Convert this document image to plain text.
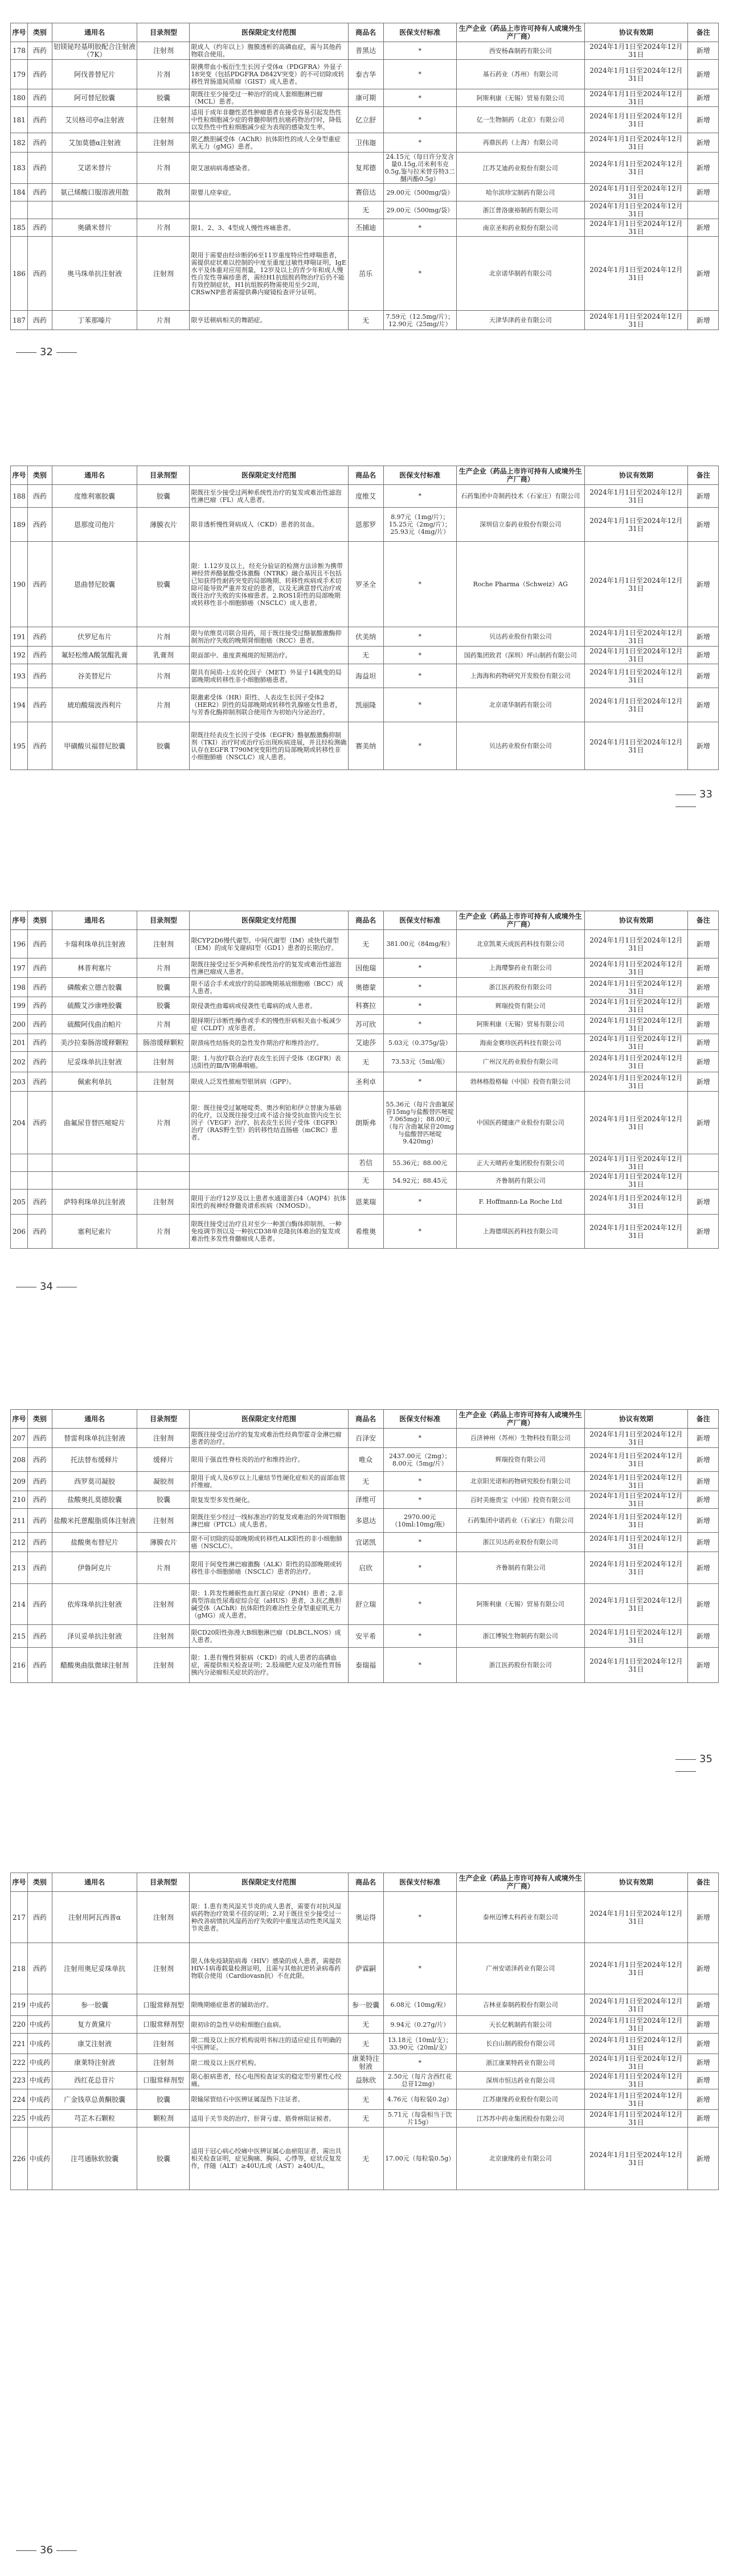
序号	类别	通用名	目录剂型	医保限定支付范围	商品名	医保支付标准	生产企业（药品上市许可持有人或境外生产厂商）	协议有效期	备注
178	西药	铝镁铋羟基明胶配合注射液（7K）	注射剂	限成人（约年以上）腹膜透析的高磷血症，需与其他药物联合使用。	普黑达	*	西安杨森制药有限公司	2024年1月1日至2024年12月31日	新增
179	西药	阿伐普替尼片	片剂	限携带血小板衍生生长因子受体α（PDGFRA）外显子18突变（包括PDGFRA D842V突变）的不可切除或转移性胃肠道间质瘤（GIST）成人患者。	泰吉华	*	基石药业（苏州）有限公司	2024年1月1日至2024年12月31日	新增
180	西药	阿可替尼胶囊	胶囊	限既往至少接受过一种治疗的成人套细胞淋巴瘤（MCL）患者。	康可期	*	阿斯利康（无锡）贸易有限公司	2024年1月1日至2024年12月31日	新增
181	西药	艾贝格司亭α注射液	注射剂	适用于成年非髓性恶性肿瘤患者在接受容易引起发热性中性粒细胞减少症的骨髓抑制性抗癌药物治疗时，降低以发热性中性粒细胞减少症为表现的感染发生率。	亿立舒	*	亿一生物制药（北京）有限公司	2024年1月1日至2024年12月31日	新增
182	西药	艾加莫德α注射液	注射剂	限乙酰胆碱受体（AChR）抗体阳性的成人全身型重症肌无力（gMG）患者。	卫伟迦	*	再鼎医药（上海）有限公司	2024年1月1日至2024年12月31日	新增
183	西药	艾诺米替片	片剂	限艾滋病病毒感染者。	复邦德	24.15元（每日许分发含量0.15g,司米利韦克0.5g,鉴与拉米替芬特3二醚丙酯0.5g）	江苏艾迪药业股份有限公司	2024年1月1日至2024年12月31日	新增
184	西药	氨己烯酸口服溶液用散	散剂	限婴儿痉挛症。	赛倍达	29.00元（500mg/袋）	哈尔滨珍宝制药有限公司	2024年1月1日至2024年12月31日	新增
					无	29.00元（500mg/袋）	浙江普洛康裕制药有限公司	2024年1月1日至2024年12月31日	
185	西药	奥磺米替片	片剂	限1、2、3、4型成人慢性疼痛患者。	丕捕迪	*	南京圣和药业股份有限公司	2024年1月1日至2024年12月31日	新增
186	西药	奥马珠单抗注射液	注射剂	限用于需要由经诊断的6至11岁重度特应性哮喘患者，需提供症状难以控制的中度至重度过敏性哮喘证明，IgE水平及体重对应用剂量，12岁及以上的青少年和成人慢性自发性荨麻疹患者，需经H1抗组胺药物治疗后仍不能有效控制症状，H1抗组胺药物需使用至少2周，CRSwNP患者需提供鼻内窥镜检查评分证明。	茁乐	*	北京诺华制药有限公司	2024年1月1日至2024年12月31日	新增
187	西药	丁苯那嗪片	片剂	限亨廷顿病相关的舞蹈症。	无	7.59元（12.5mg/片）；12.90元（25mg/片）	天津华津药业有限公司	2024年1月1日至2024年12月31日	新增
32
序号	类别	通用名	目录剂型	医保限定支付范围	商品名	医保支付标准	生产企业（药品上市许可持有人或境外生产厂商）	协议有效期	备注
188	西药	度维利塞胶囊	胶囊	限既往至少接受过两种系统性治疗的复发或难治性滤泡性淋巴瘤（FL）成人患者。	度维艾	*	石药集团中奇制药技术（石家庄）有限公司	2024年1月1日至2024年12月31日	新增
189	西药	恩那度司他片	薄膜衣片	限非透析慢性肾病成人（CKD）患者的贫血。	恩那罗	8.97元（1mg/片）；15.25元（2mg/片）；25.93元（4mg/片）	深圳信立泰药业股份有限公司	2024年1月1日至2024年12月31日	新增
190	西药	恩曲替尼胶囊	胶囊	限：1.12岁及以上，经充分验证的检测方法诊断为携带神经营养酪氨酸受体激酶（NTRK）融合基因且不包括已知获得性耐药突变的局部晚期、转移性疾病或手术切除可能导致严重并发症的患者，以及无满意替代治疗或既往治疗失败的实体瘤患者。2.ROS1阳性的局部晚期或转移性非小细胞肺癌（NSCLC）成人患者。	罗圣全	*	Roche Pharma（Schweiz）AG	2024年1月1日至2024年12月31日	新增
191	西药	伏罗尼布片	片剂	限与依维莫司联合用药，用于既往接受过酪氨酸激酶抑制剂治疗失败的晚期肾细胞癌（RCC）患者。	伏美纳	*	贝达药业股份有限公司	2024年1月1日至2024年12月31日	新增
192	西药	氟轻松维A酸氢醌乳膏	乳膏剂	限面部中、重度黄褐斑的短期治疗。	无	*	国药集团致君（深圳）坪山制药有限公司	2024年1月1日至2024年12月31日	新增
193	西药	谷美替尼片	片剂	限具有间质-上皮转化因子（MET）外显子14跳变的局部晚期或转移性非小细胞肺癌患者。	海益坦	*	上海海和药物研究开发股份有限公司	2024年1月1日至2024年12月31日	新增
194	西药	琥珀酸瑞波西利片	片剂	限激素受体（HR）阳性、人表皮生长因子受体2（HER2）阴性的局部晚期或转移性乳腺癌女性患者，与芳香化酶抑制剂联合使用作为初始内分泌治疗。	凯丽隆	*	北京诺华制药有限公司	2024年1月1日至2024年12月31日	新增
195	西药	甲磺酸贝福替尼胶囊	胶囊	限既往经表皮生长因子受体（EGFR）酪氨酸激酶抑制剂（TKI）治疗时或治疗后出现疾病进展，并且经检测确认存在EGFR T790M突变阳性的局部晚期或转移性非小细胞肺癌（NSCLC）成人患者。	赛美纳	*	贝达药业股份有限公司	2024年1月1日至2024年12月31日	新增
33
序号	类别	通用名	目录剂型	医保限定支付范围	商品名	医保支付标准	生产企业（药品上市许可持有人或境外生产厂商）	协议有效期	备注
196	西药	卡瑞利珠单抗注射液	注射剂	限CYP2D6慢代谢型、中间代谢型（IM）或快代谢型（EM）的成年戈谢病Ⅰ型（GD1）患者的长期治疗。	无	381.00元（84mg/粒）	北京凯莱天成医药科技有限公司	2024年1月1日至2024年12月31日	新增
197	西药	林普利塞片	片剂	限既往接受过至少两种系统性治疗的复发或难治性滤泡性淋巴瘤成人患者。	因他瑞	*	上海璎黎药业有限公司	2024年1月1日至2024年12月31日	新增
198	西药	磷酸索立德吉胶囊	胶囊	限不适合手术或放疗的局部晚期基底细胞癌（BCC）成人患者。	奥德蒙	*	浙江医药股份有限公司	2024年1月1日至2024年12月31日	新增
199	西药	硫酸艾沙康唑胶囊	胶囊	限侵袭性曲霉病或侵袭性毛霉病的成人患者。	科赛拉	*	辉瑞投资有限公司	2024年1月1日至2024年12月31日	新增
200	西药	硫酸阿伐曲泊帕片	片剂	限择期行诊断性操作或手术的慢性肝病相关血小板减少症（CLDT）成年患者。	苏可欣	*	阿斯利康（无锡）贸易有限公司	2024年1月1日至2024年12月31日	新增
201	西药	美沙拉秦肠溶缓释颗粒	肠溶缓释颗粒	限溃疡性结肠炎的急性发作期治疗和维持治疗。	艾迪莎	5.03元（0.375g/袋）	海南金赛珍医药科技有限公司	2024年1月1日至2024年12月31日	新增
202	西药	尼妥珠单抗注射液	注射剂	限：1.与放疗联合治疗表皮生长因子受体（EGFR）表达阳性的Ⅲ/Ⅳ期鼻咽癌。	无	73.53元（5ml/瓶）	广州汉光药业股份有限公司	2024年1月1日至2024年12月31日	新增
203	西药	佩索利单抗	注射剂	限成人泛发性脓疱型银屑病（GPP）。	圣利卓	*	勃林格殷格翰（中国）投资有限公司	2024年1月1日至2024年12月31日	新增
204	西药	曲氟尿苷替匹嘧啶片	片剂	限：既往接受过氟嘧啶类、奥沙利铂和伊立替康为基础的化疗，以及既往接受过或不适合接受抗血管内皮生长因子（VEGF）治疗、抗表皮生长因子受体（EGFR）治疗（RAS野生型）的转移性结直肠癌（mCRC）患者。	朗斯弗	55.36元（每片含曲氟尿苷15mg与盐酸替匹嘧啶7.065mg）；88.00元（每片含曲氟尿苷20mg与盐酸替匹嘧啶9.420mg）	中国医药健康产业股份有限公司	2024年1月1日至2024年12月31日	新增
					若信	55.36元；88.00元	正大天晴药业集团股份有限公司	2024年1月1日至2024年12月31日	
					无	54.92元；88.45元	齐鲁制药有限公司	2024年1月1日至2024年12月31日	
205	西药	萨特利珠单抗注射液	注射剂	限用于治疗12岁及以上患者水通道蛋白4（AQP4）抗体阳性的视神经脊髓炎谱系疾病（NMOSD）。	恩莱瑞	*	F. Hoffmann-La Roche Ltd	2024年1月1日至2024年12月31日	新增
206	西药	塞利尼索片	片剂	限既往接受过治疗且对至少一种蛋白酶体抑制剂、一种免疫调节剂以及一种抗CD38单克隆抗体难治的复发或难治性多发性骨髓瘤成人患者。	希维奥	*	上海德琪医药科技有限公司	2024年1月1日至2024年12月31日	新增
34
序号	类别	通用名	目录剂型	医保限定支付范围	商品名	医保支付标准	生产企业（药品上市许可持有人或境外生产厂商）	协议有效期	备注
207	西药	替雷利珠单抗注射液	注射剂	限既往接受过治疗的复发或难治性经典型霍奇金淋巴瘤患者的治疗。	百泽安	*	百济神州（苏州）生物科技有限公司	2024年1月1日至2024年12月31日	新增
208	西药	托法替布缓释片	缓释片	限用于强直性脊柱炎的治疗和维持治疗。	唯众	2437.00元（2mg）；8.00元（5mg/片）	辉瑞投资有限公司	2024年1月1日至2024年12月31日	新增
209	西药	西罗莫司凝胶	凝胶剂	限用于成人及6岁以上儿童结节性硬化症相关的面部血管纤维瘤。	无	*	北京阳光诺和药物研究股份有限公司	2024年1月1日至2024年12月31日	新增
210	西药	盐酸奥扎莫德胶囊	胶囊	限复发型多发性硬化。	泽维可	*	百时美施贵宝（中国）投资有限公司	2024年1月1日至2024年12月31日	新增
211	西药	盐酸米托蒽醌脂质体注射液	注射剂	限既往至少经过一线标准治疗的复发或难治的外周T细胞淋巴瘤（PTCL）成人患者。	多恩达	2970.00元（10ml:10mg/瓶）	石药集团中诺药业（石家庄）有限公司	2024年1月1日至2024年12月31日	新增
212	西药	盐酸奥布替尼片	薄膜衣片	限不可切除的局部晚期或转移性ALK阳性的非小细胞肺癌（NSCLC）。	宜诺凯	*	浙江贝达药业股份有限公司	2024年1月1日至2024年12月31日	新增
213	西药	伊鲁阿克片	片剂	限用于间变性淋巴瘤激酶（ALK）阳性的局部晚期或转移性非小细胞肺癌（NSCLC）患者的治疗。	启欣	*	齐鲁制药有限公司	2024年1月1日至2024年12月31日	新增
214	西药	依库珠单抗注射液	注射剂	限：1.阵发性睡眠性血红蛋白尿症（PNH）患者；2.非典型溶血性尿毒症综合征（aHUS）患者，3.抗乙酰胆碱受体（AChR）抗体阳性的难治性全身型重症肌无力（gMG）成人患者。	舒立瑞	*	阿斯利康（无锡）贸易有限公司	2024年1月1日至2024年12月31日	新增
215	西药	泽贝妥单抗注射液	注射剂	限CD20阳性弥漫大B细胞淋巴瘤（DLBCL,NOS）成人患者。	安平希	*	浙江博锐生物制药有限公司	2024年1月1日至2024年12月31日	新增
216	西药	醋酸奥曲肽微球注射剂	注射剂	限：1.患有慢性肾脏病（CKD）的成人患者的高磷血症，需提供相关检查证明；2.肢端肥大症及功能性胃肠胰内分泌瘤相关症状的治疗。	泰瑞福	*	浙江医药股份有限公司	2024年1月1日至2024年12月31日	新增
35
序号	类别	通用名	目录剂型	医保限定支付范围	商品名	医保支付标准	生产企业（药品上市许可持有人或境外生产厂商）	协议有效期	备注
217	西药	注射用阿瓦西普α	注射剂	限：1.患有类风湿关节炎的成人患者，需要有对抗风湿病药物治疗效果不佳的证明；2.对于既往至少接受过一种改善病情抗风湿药治疗失败的中重度活动性类风湿关节炎患者。	奥运得	*	泰州迈博太科药业有限公司	2024年1月1日至2024年12月31日	新增
218	西药	注射用奥尼妥珠单抗	注射剂	限人体免疫缺陷病毒（HIV）感染的成人患者，需提供HIV-1病毒载量检测证明，且需与其他抗逆转录病毒药物联合使用（Cardiovasn抗）不在此限。	萨霖嗣	*	广州安诺泽药业有限公司	2024年1月1日至2024年12月31日	新增
219	中成药	参一胶囊	口服常释剂型	限晚期癌症患者的辅助治疗。	参一胶囊	6.08元（10mg/粒）	吉林亚泰制药股份有限公司	2024年1月1日至2024年12月31日	新增
220	中成药	复方黄黛片	口服常释剂型	限初诊的急性早幼粒细胞白血病。	无	9.94元（0.27g/片）	天长亿帆制药有限公司	2024年1月1日至2024年12月31日	新增
221	中成药	康艾注射液	注射剂	限二级及以上医疗机构说明书标注的适应症且有明确的中医辨证。	无	13.18元（10ml/支）；33.90元（20ml/支）	长白山制药股份有限公司	2024年1月1日至2024年12月31日	新增
222	中成药	康莱特注射液	注射剂	限二级及以上医疗机构。	康莱特注射液	*	浙江康莱特药业有限公司	2024年1月1日至2024年12月31日	新增
223	中成药	西红花总苷片	口服常释剂型	限心脏病患者，经心电图检查证实的稳定型劳累性心绞痛。	益脉欣	2.50元（每片含西红花总苷12mg）	深圳市恒达药业有限公司	2024年1月1日至2024年12月31日	新增
224	中成药	广金钱草总黄酮胶囊	胶囊	限输尿管结石中医辨证属湿热下注证者。	无	4.76元（每粒装0.2g）	江苏康缘药业股份有限公司	2024年1月1日至2024年12月31日	新增
225	中成药	芎芷木石颗粒	颗粒剂	适用于关节炎的治疗，肝肾亏虚、筋骨痹阻证候者。	无	5.71元（每袋相当于饮片15g）	江苏苏中药业集团股份有限公司	2024年1月1日至2024年12月31日	新增
226	中成药	注芎通脉软胶囊	胶囊	适用于冠心病心绞痛中医辨证属心血瘀阻证者，需出具相关检查证明，症见胸痛、胸闷、心悸等，症状反复发作，伴随（ALT）≥40U/L或（AST）≥40U/L。	无	17.00元（每粒装0.5g）	北京康缘药业有限公司	2024年1月1日至2024年12月31日	新增
36
